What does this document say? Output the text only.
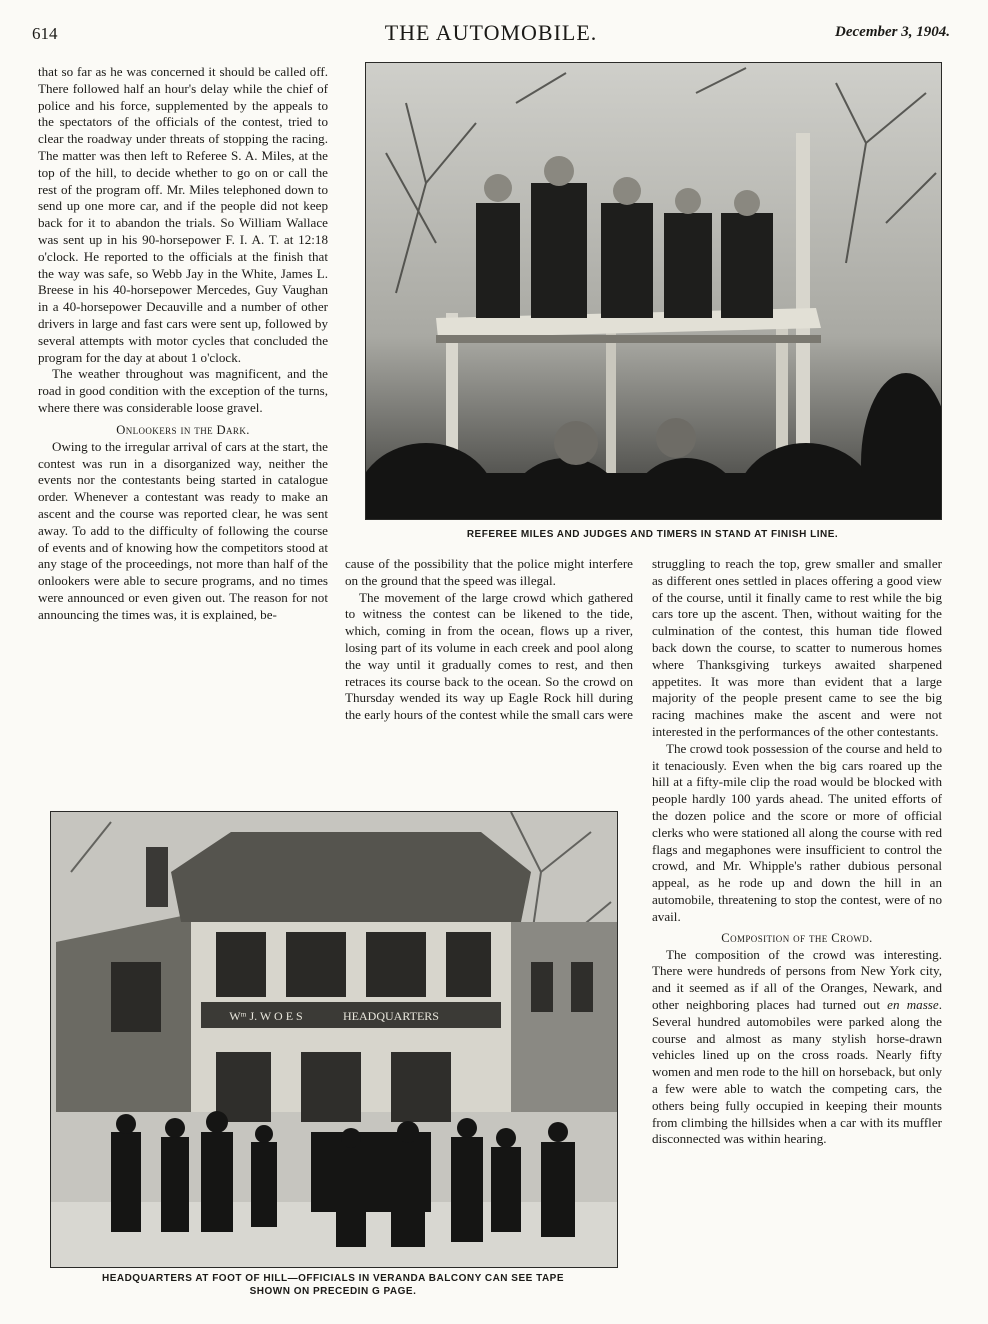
614	THE AUTOMOBILE.	December 3, 1904.

that so far as he was concerned it should be called off. There followed half an hour's delay while the chief of police and his force, supplemented by the appeals to the spectators of the officials of the contest, tried to clear the roadway under threats of stopping the racing. The matter was then left to Referee S. A. Miles, at the top of the hill, to decide whether to go on or call the rest of the program off. Mr. Miles telephoned down to send up one more car, and if the people did not keep back for it to abandon the trials. So William Wallace was sent up in his 90-horsepower F. I. A. T. at 12:18 o'clock. He reported to the officials at the finish that the way was safe, so Webb Jay in the White, James L. Breese in his 40-horsepower Mercedes, Guy Vaughan in a 40-horsepower Decauville and a number of other drivers in large and fast cars were sent up, followed by several attempts with motor cycles that concluded the program for the day at about 1 o'clock.

The weather throughout was magnificent, and the road in good condition with the exception of the turns, where there was considerable loose gravel.

Onlookers in the Dark.

Owing to the irregular arrival of cars at the start, the contest was run in a disorganized way, neither the events nor the contestants being started in catalogue order. Whenever a contestant was ready to make an ascent and the course was reported clear, he was sent away. To add to the difficulty of following the course of events and of knowing how the competitors stood at any stage of the proceedings, not more than half of the onlookers were able to secure programs, and no times were announced or even given out. The reason for not announcing the times was, it is explained, be-

REFEREE MILES AND JUDGES AND TIMERS IN STAND AT FINISH LINE.

cause of the possibility that the police might interfere on the ground that the speed was illegal.

The movement of the large crowd which gathered to witness the contest can be likened to the tide, which, coming in from the ocean, flows up a river, losing part of its volume in each creek and pool along the way until it gradually comes to rest, and then retraces its course back to the ocean. So the crowd on Thursday wended its way up Eagle Rock hill during the early hours of the contest while the small cars were

struggling to reach the top, grew smaller and smaller as different ones settled in places offering a good view of the course, until it finally came to rest while the big cars tore up the ascent. Then, without waiting for the culmination of the contest, this human tide flowed back down the course, to scatter to numerous homes where Thanksgiving turkeys awaited sharpened appetites. It was more than evident that a large majority of the people present came to see the big racing machines make the ascent and were not interested in the performances of the other contestants.

The crowd took possession of the course and held to it tenaciously. Even when the big cars roared up the hill at a fifty-mile clip the road would be blocked with people hardly 100 yards ahead. The united efforts of the dozen police and the score or more of official clerks who were stationed all along the course with red flags and megaphones were insufficient to control the crowd, and Mr. Whipple's rather dubious personal appeal, as he rode up and down the hill in an automobile, threatening to stop the contest, were of no avail.

Composition of the Crowd.

The composition of the crowd was interesting. There were hundreds of persons from New York city, and it seemed as if all of the Oranges, Newark, and other neighboring places had turned out en masse. Several hundred automobiles were parked along the course and almost as many stylish horse-drawn vehicles lined up on the cross roads. Nearly fifty women and men rode to the hill on horseback, but only a few were able to watch the competing cars, the others being fully occupied in keeping their mounts from climbing the hillsides when a car with its muffler disconnected was within hearing.

Wᵐ J. W O E S	HEADQUARTERS
HEADQUARTERS AT FOOT OF HILL—OFFICIALS IN VERANDA BALCONY CAN SEE TAPE
SHOWN ON PRECEDIN G PAGE.
